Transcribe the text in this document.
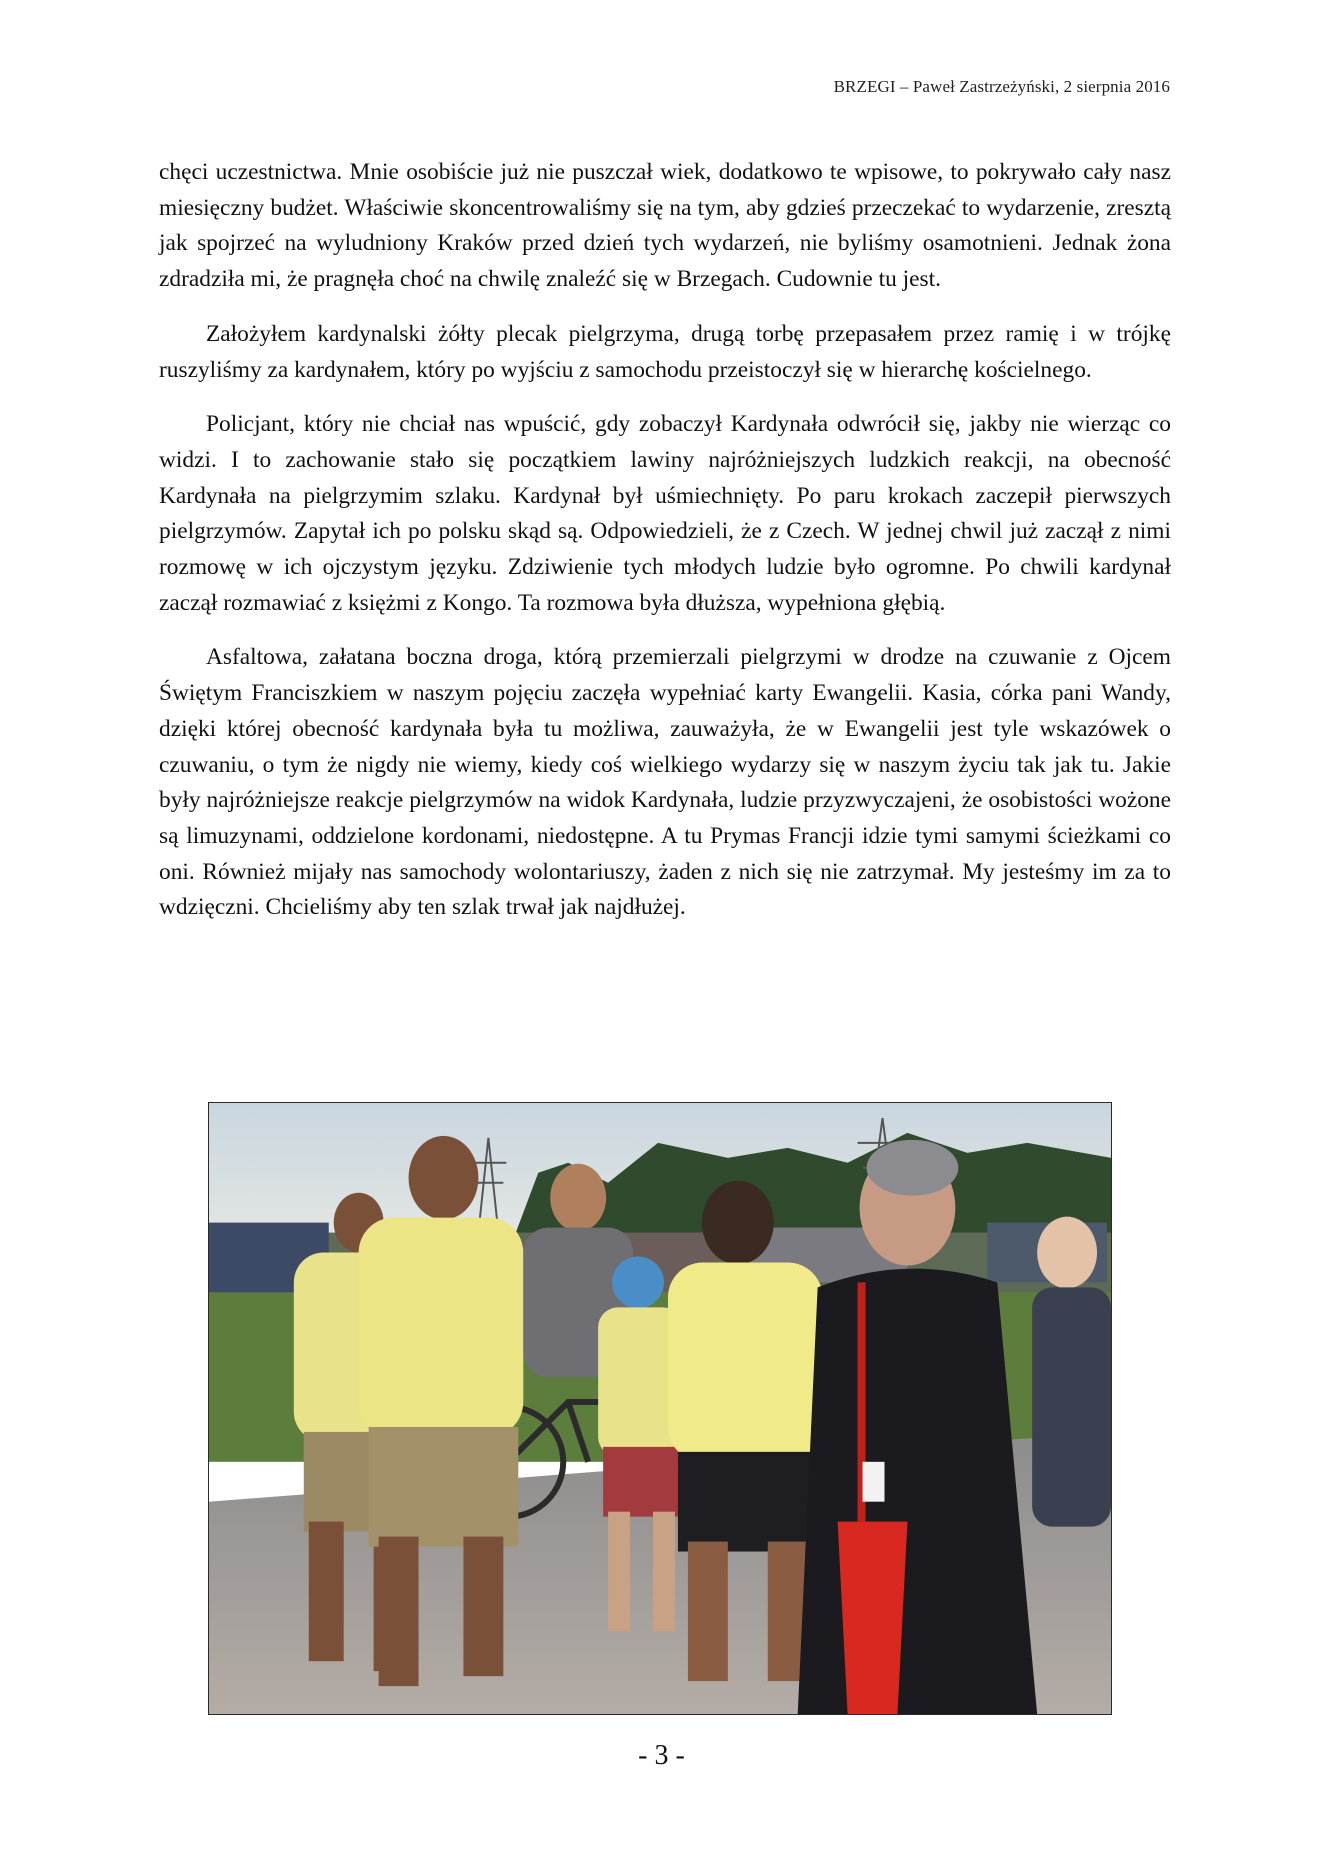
BRZEGI – Paweł Zastrzeżyński, 2 sierpnia 2016

chęci uczestnictwa. Mnie osobiście już nie puszczał wiek, dodatkowo te wpisowe, to pokrywało cały nasz miesięczny budżet. Właściwie skoncentrowaliśmy się na tym, aby gdzieś przeczekać to wydarzenie, zresztą jak spojrzeć na wyludniony Kraków przed dzień tych wydarzeń, nie byliśmy osamotnieni. Jednak żona zdradziła mi, że pragnęła choć na chwilę znaleźć się w Brzegach. Cudownie tu jest.

Założyłem kardynalski żółty plecak pielgrzyma, drugą torbę przepasałem przez ramię i w trójkę ruszyliśmy za kardynałem, który po wyjściu z samochodu przeistoczył się w hierarchę kościelnego.

Policjant, który nie chciał nas wpuścić, gdy zobaczył Kardynała odwrócił się, jakby nie wierząc co widzi. I to zachowanie stało się początkiem lawiny najróżniejszych ludzkich reakcji, na obecność Kardynała na pielgrzymim szlaku. Kardynał był uśmiechnięty. Po paru krokach zaczepił pierwszych pielgrzymów. Zapytał ich po polsku skąd są. Odpowiedzieli, że z Czech. W jednej chwil już zaczął z nimi rozmowę w ich ojczystym języku. Zdziwienie tych młodych ludzie było ogromne. Po chwili kardynał zaczął rozmawiać z księżmi z Kongo. Ta rozmowa była dłuższa, wypełniona głębią.

Asfaltowa, załatana boczna droga, którą przemierzali pielgrzymi w drodze na czuwanie z Ojcem Świętym Franciszkiem w naszym pojęciu zaczęła wypełniać karty Ewangelii. Kasia, córka pani Wandy, dzięki której obecność kardynała była tu możliwa, zauważyła, że w Ewangelii jest tyle wskazówek o czuwaniu, o tym że nigdy nie wiemy, kiedy coś wielkiego wydarzy się w naszym życiu tak jak tu. Jakie były najróżniejsze reakcje pielgrzymów na widok Kardynała, ludzie przyzwyczajeni, że osobistości wożone są limuzynami, oddzielone kordonami, niedostępne. A tu Prymas Francji idzie tymi samymi ścieżkami co oni. Również mijały nas samochody wolontariuszy, żaden z nich się nie zatrzymał. My jesteśmy im za to wdzięczni. Chcieliśmy aby ten szlak trwał jak najdłużej.

- 3 -
